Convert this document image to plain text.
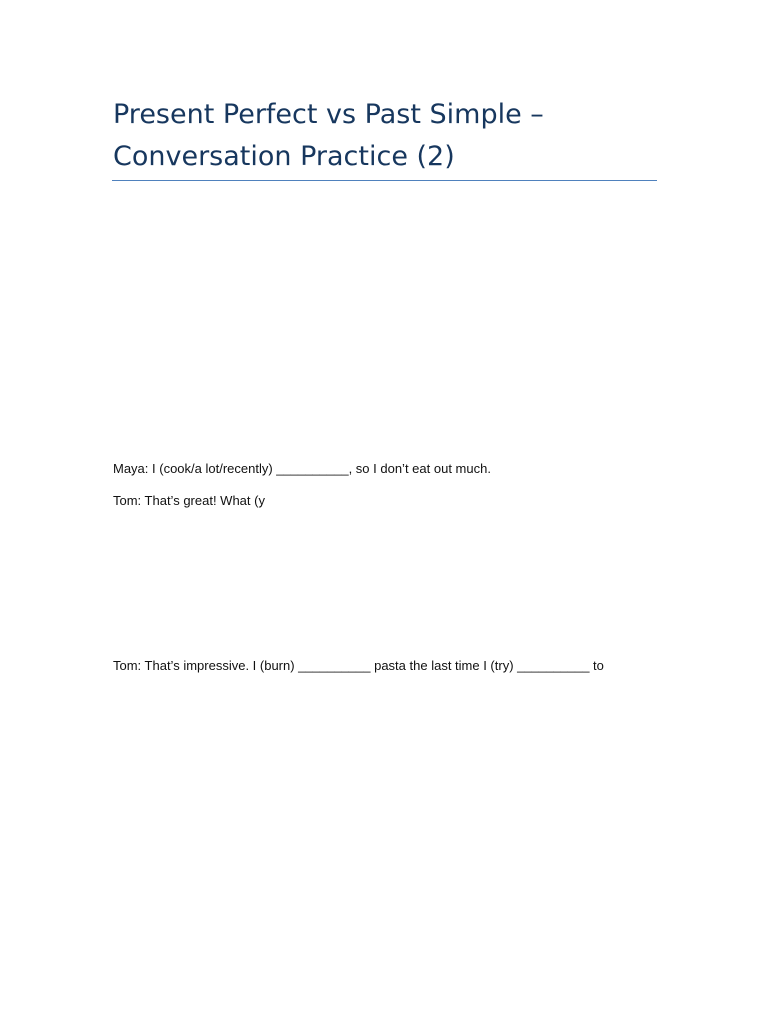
Present Perfect vs Past Simple – Conversation Practice (2)

Maya: I (cook/a lot/recently) __________, so I don’t eat out much.

Tom: That’s great! What (y

Tom: That’s impressive. I (burn) __________ pasta the last time I (try) __________ to
